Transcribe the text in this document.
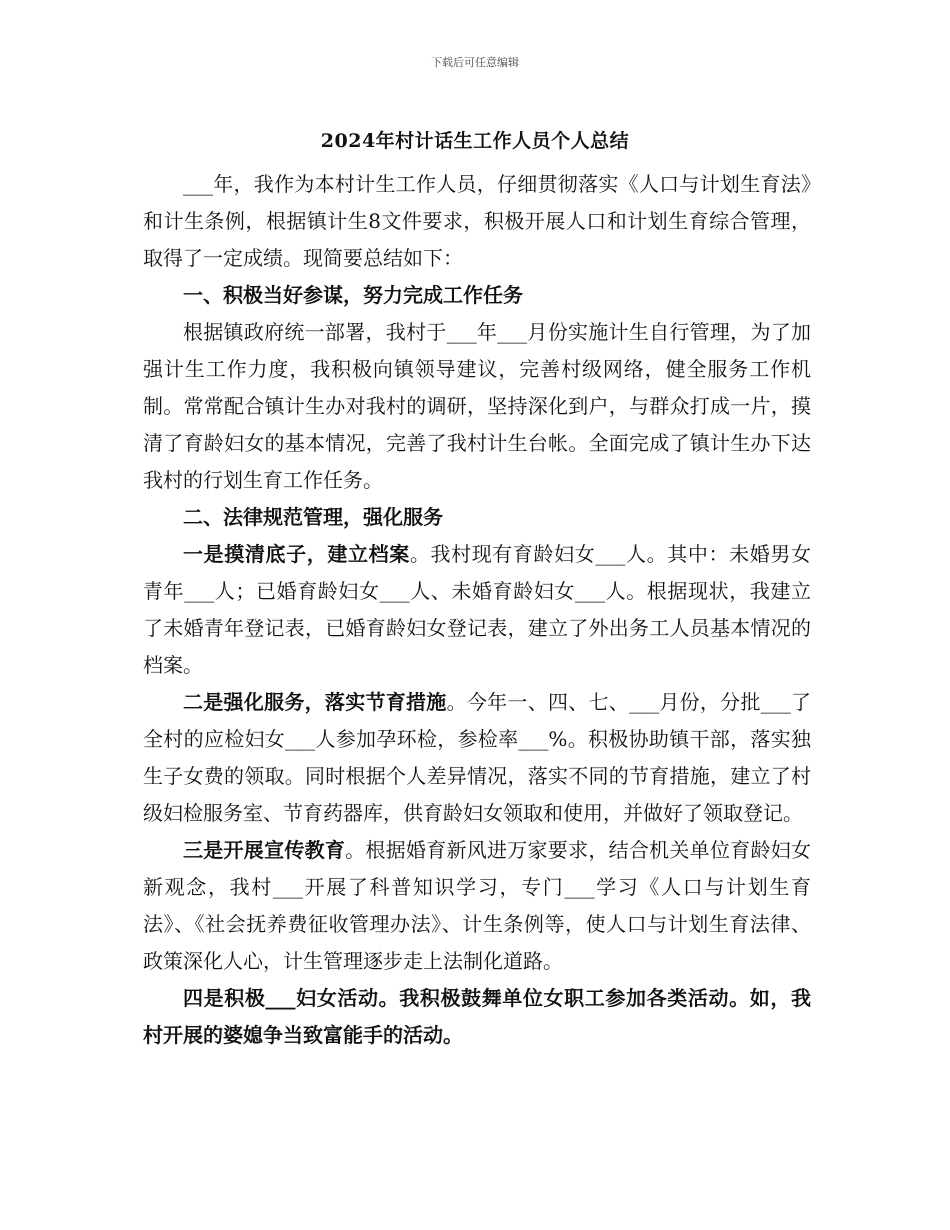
下载后可任意编辑
2024年村计话生工作人员个人总结

___年，我作为本村计生工作人员，仔细贯彻落实《人口与计划生育法》和计生条例，根据镇计生8文件要求，积极开展人口和计划生育综合管理，取得了一定成绩。现简要总结如下：

一、积极当好参谋，努力完成工作任务

根据镇政府统一部署，我村于___年___月份实施计生自行管理，为了加强计生工作力度，我积极向镇领导建议，完善村级网络，健全服务工作机制。常常配合镇计生办对我村的调研，坚持深化到户，与群众打成一片，摸清了育龄妇女的基本情况，完善了我村计生台帐。全面完成了镇计生办下达我村的行划生育工作任务。

二、法律规范管理，强化服务

一是摸清底子，建立档案。我村现有育龄妇女___人。其中：未婚男女青年___人；已婚育龄妇女___人、未婚育龄妇女___人。根据现状，我建立了未婚青年登记表，已婚育龄妇女登记表，建立了外出务工人员基本情况的档案。

二是强化服务，落实节育措施。今年一、四、七、___月份，分批___了全村的应检妇女___人参加孕环检，参检率___%。积极协助镇干部，落实独生子女费的领取。同时根据个人差异情况，落实不同的节育措施，建立了村级妇检服务室、节育药器库，供育龄妇女领取和使用，并做好了领取登记。

三是开展宣传教育。根据婚育新风进万家要求，结合机关单位育龄妇女新观念，我村___开展了科普知识学习，专门___学习《人口与计划生育法》、《社会抚养费征收管理办法》、计生条例等，使人口与计划生育法律、政策深化人心，计生管理逐步走上法制化道路。

四是积极___妇女活动。我积极鼓舞单位女职工参加各类活动。如，我村开展的婆媳争当致富能手的活动。
